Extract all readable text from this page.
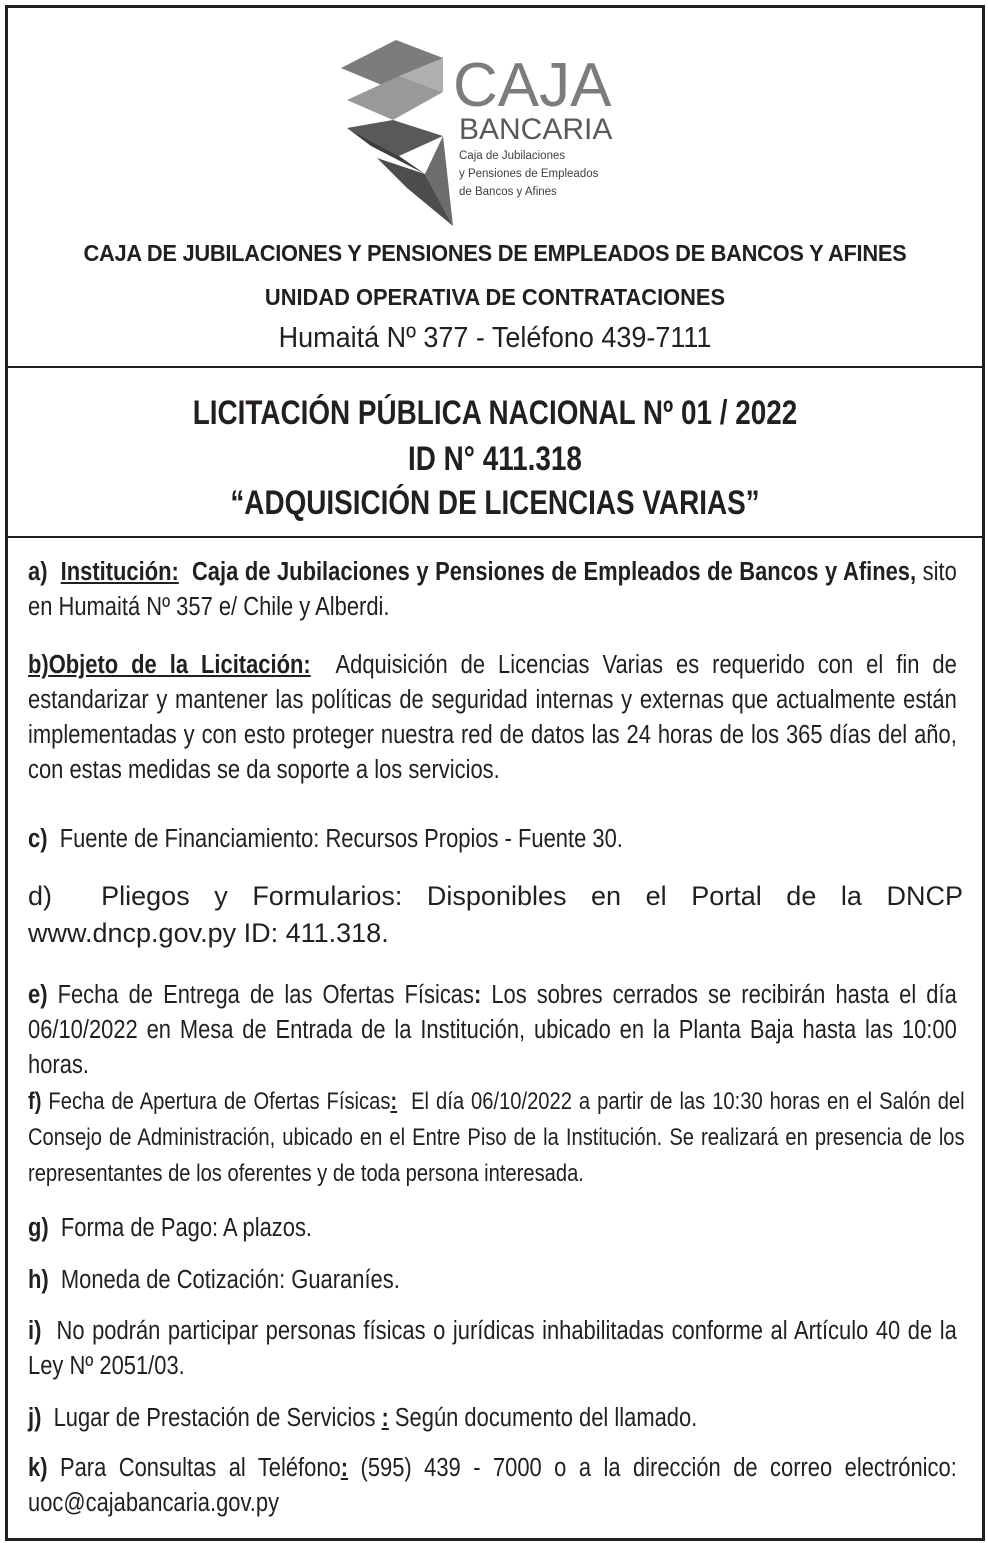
CAJA
BANCARIA
Caja de Jubilaciones
y Pensiones de Empleados
de Bancos y Afines
CAJA DE JUBILACIONES Y PENSIONES DE EMPLEADOS DE BANCOS Y AFINES
UNIDAD OPERATIVA DE CONTRATACIONES
Humaitá Nº 377 - Teléfono 439-7111
LICITACIÓN PÚBLICA NACIONAL Nº 01 / 2022
ID N° 411.318
“ADQUISICIÓN DE LICENCIAS VARIAS”
a) Institución: Caja de Jubilaciones y Pensiones de Empleados de Bancos y Afines, sito en Humaitá Nº 357 e/ Chile y Alberdi.
b)Objeto de la Licitación: Adquisición de Licencias Varias es requerido con el fin de estandarizar y mantener las políticas de seguridad internas y externas que actualmente están implementadas y con esto proteger nuestra red de datos las 24 horas de los 365 días del año, con estas medidas se da soporte a los servicios.
c) Fuente de Financiamiento: Recursos Propios - Fuente 30.
d) Pliegos y Formularios: Disponibles en el Portal de la DNCP www.dncp.gov.py ID: 411.318.
e) Fecha de Entrega de las Ofertas Físicas: Los sobres cerrados se recibirán hasta el día 06/10/2022 en Mesa de Entrada de la Institución, ubicado en la Planta Baja hasta las 10:00 horas.
f) Fecha de Apertura de Ofertas Físicas: El día 06/10/2022 a partir de las 10:30 horas en el Salón del Consejo de Administración, ubicado en el Entre Piso de la Institución. Se realizará en presencia de los representantes de los oferentes y de toda persona interesada.
g) Forma de Pago: A plazos.
h) Moneda de Cotización: Guaraníes.
i) No podrán participar personas físicas o jurídicas inhabilitadas conforme al Artículo 40 de la Ley Nº 2051/03.
j) Lugar de Prestación de Servicios : Según documento del llamado.
k) Para Consultas al Teléfono: (595) 439 - 7000 o a la dirección de correo electrónico: uoc@cajabancaria.gov.py
